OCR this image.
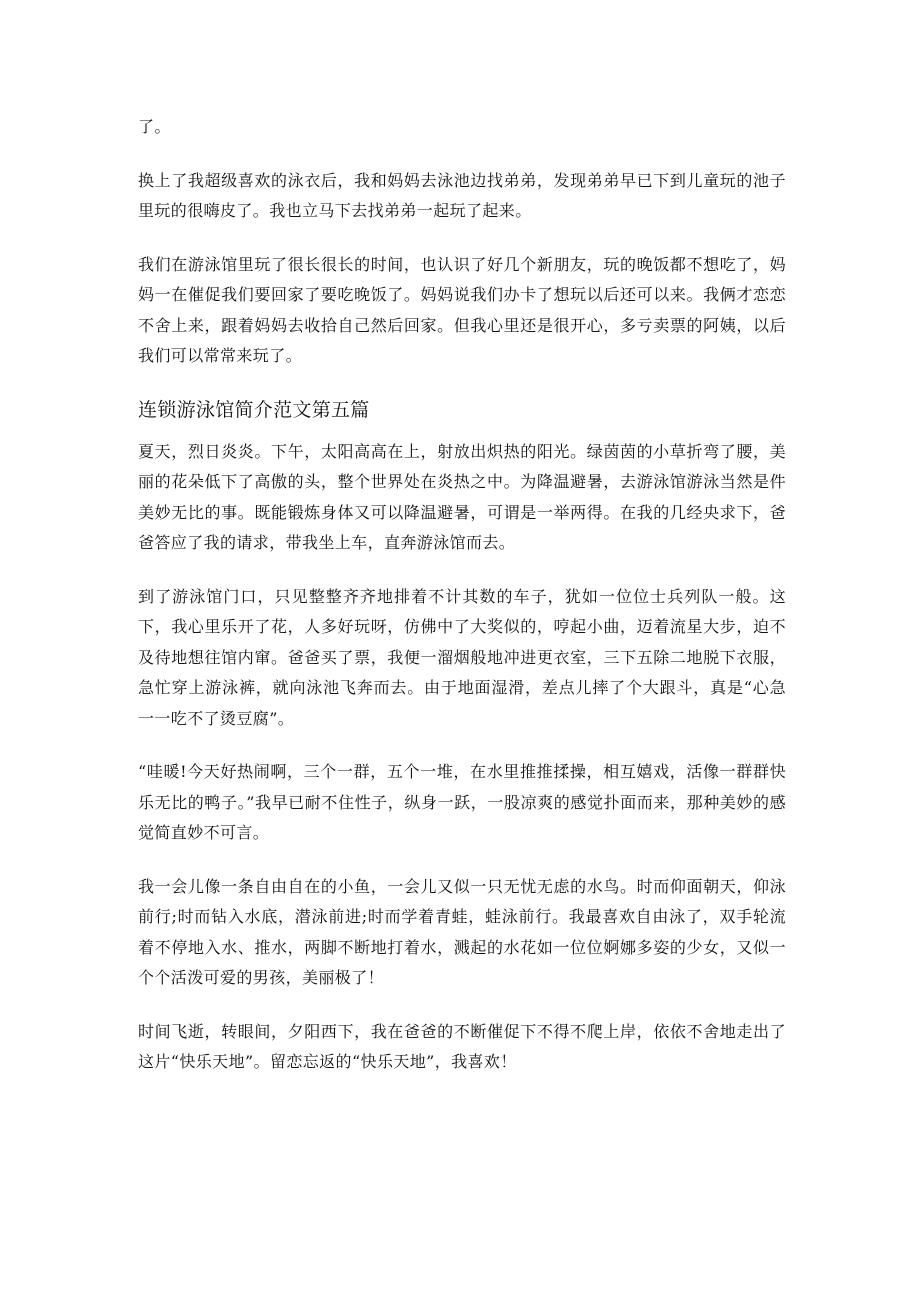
了。

换上了我超级喜欢的泳衣后，我和妈妈去泳池边找弟弟，发现弟弟早已下到儿童玩的池子里玩的很嗨皮了。我也立马下去找弟弟一起玩了起来。

我们在游泳馆里玩了很长很长的时间，也认识了好几个新朋友，玩的晚饭都不想吃了，妈妈一在催促我们要回家了要吃晚饭了。妈妈说我们办卡了想玩以后还可以来。我俩才恋恋不舍上来，跟着妈妈去收拾自己然后回家。但我心里还是很开心，多亏卖票的阿姨，以后我们可以常常来玩了。

连锁游泳馆简介范文第五篇

夏天，烈日炎炎。下午，太阳高高在上，射放出炽热的阳光。绿茵茵的小草折弯了腰，美丽的花朵低下了高傲的头，整个世界处在炎热之中。为降温避暑，去游泳馆游泳当然是件美妙无比的事。既能锻炼身体又可以降温避暑，可谓是一举两得。在我的几经央求下，爸爸答应了我的请求，带我坐上车，直奔游泳馆而去。

到了游泳馆门口，只见整整齐齐地排着不计其数的车子，犹如一位位士兵列队一般。这下，我心里乐开了花，人多好玩呀，仿佛中了大奖似的，哼起小曲，迈着流星大步，迫不及待地想往馆内窜。爸爸买了票，我便一溜烟般地冲进更衣室，三下五除二地脱下衣服，急忙穿上游泳裤，就向泳池飞奔而去。由于地面湿滑，差点儿摔了个大跟斗，真是“心急一一吃不了烫豆腐”。

“哇暖!今天好热闹啊，三个一群，五个一堆，在水里推推揉操，相互嬉戏，活像一群群快乐无比的鸭子。”我早已耐不住性子，纵身一跃，一股凉爽的感觉扑面而来，那种美妙的感觉简直妙不可言。

我一会儿像一条自由自在的小鱼，一会儿又似一只无忧无虑的水鸟。时而仰面朝天，仰泳前行;时而钻入水底，潜泳前进;时而学着青蛙，蛙泳前行。我最喜欢自由泳了，双手轮流着不停地入水、推水，两脚不断地打着水，溅起的水花如一位位婀娜多姿的少女，又似一个个活泼可爱的男孩，美丽极了！

时间飞逝，转眼间，夕阳西下，我在爸爸的不断催促下不得不爬上岸，依依不舍地走出了这片“快乐天地”。留恋忘返的“快乐天地”，我喜欢！
